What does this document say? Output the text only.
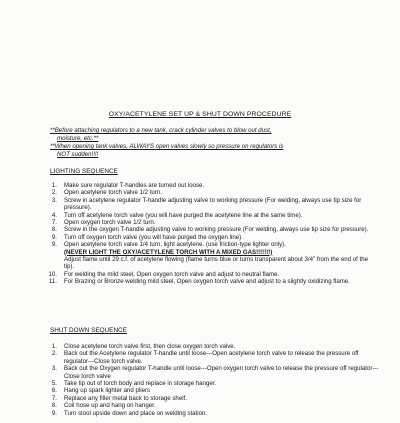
OXY/ACETYLENE SET UP & SHUT DOWN PROCEDURE
**Before attaching regulators to a new tank, crack cylinder valves to blow out dust,
moisture, etc.**
**When opening tank valves, ALWAYS open valves slowly so pressure on regulators is
NOT sudden!!!!
LIGHTING SEQUENCE
1.	Make sure regulator T-handles are turned out loose.
2.	Open acetylene torch valve 1/2 turn.
3.	Screw in acetylene regulator T-handle adjusting valve to working pressure (For welding, always use tip size for pressure).
4.	Turn off acetylene torch valve (you will have purged the acetylene line at the same time).
7.	Open oxygen torch valve 1/2 turn.
8.	Screw in the oxygen T-handle adjusting valve to working pressure (For welding, always use tip size for pressure).
9.	Turn off oxygen torch valve (you will have purged the oxygen line).
9.	Open acetylene torch valve 1/4 turn, light acetylene. (use friction-type lighter only).
(NEVER LIGHT THE OXY/ACETYLENE TORCH WITH A MIXED GAS!!!!!!!)
Adjust flame until 29 c.f. of acetylene flowing (flame turns blue or turns transparent about 3/4" from the end of the tip).
10.	For welding the mild steel, Open oxygen torch valve and adjust to neutral flame.
11.	For Brazing or Bronze welding mild steel, Open oxygen torch valve and adjust to a slightly oxidizing flame.
SHUT DOWN SEQUENCE
1.	Close acetylene torch valve first, then close oxygen torch valve.
2.	Back out the Acetylene regulator T-handle until loose---Open acetylene torch valve to release the pressure off regulator---Close torch valve.
3.	Back out the Oxygen regulator T-handle until loose---Open oxygen torch valve to release the pressure off regulator---Close torch valve
5.	Take tip out of torch body and replace in storage hanger.
6.	Hang up spark lighter and pliers
7.	Replace any filler metal back to storage shelf.
8.	Coil hose up and hang on hanger.
9.	Turn stool upside down and place on welding station.
